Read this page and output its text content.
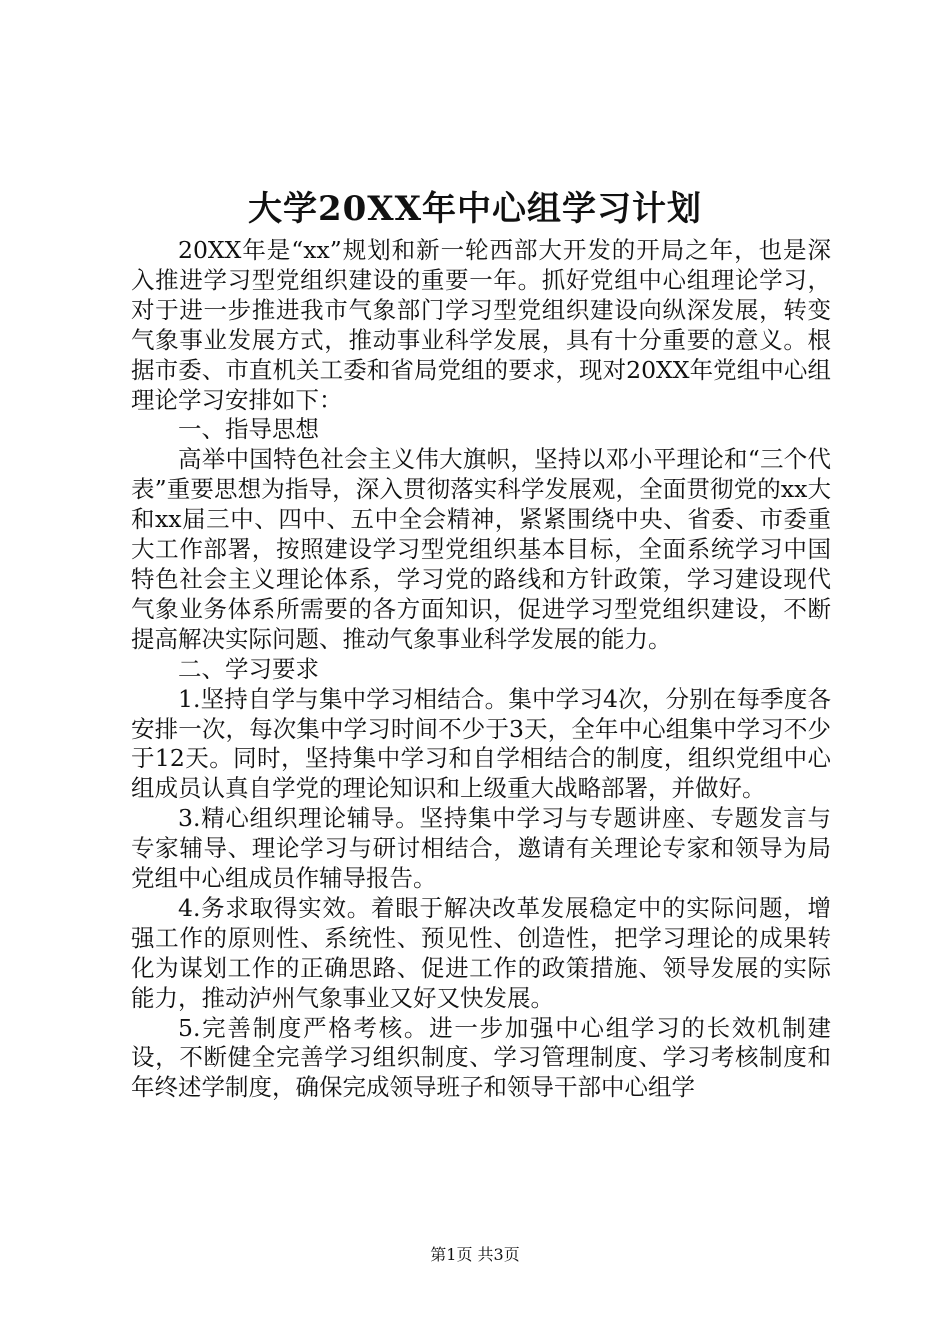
大学20XX年中心组学习计划

20XX年是“xx”规划和新一轮西部大开发的开局之年，也是深入推进学习型党组织建设的重要一年。抓好党组中心组理论学习，对于进一步推进我市气象部门学习型党组织建设向纵深发展，转变气象事业发展方式，推动事业科学发展，具有十分重要的意义。根据市委、市直机关工委和省局党组的要求，现对20XX年党组中心组理论学习安排如下：

一、指导思想

高举中国特色社会主义伟大旗帜，坚持以邓小平理论和“三个代表”重要思想为指导，深入贯彻落实科学发展观，全面贯彻党的xx大和xx届三中、四中、五中全会精神，紧紧围绕中央、省委、市委重大工作部署，按照建设学习型党组织基本目标，全面系统学习中国特色社会主义理论体系，学习党的路线和方针政策，学习建设现代气象业务体系所需要的各方面知识，促进学习型党组织建设，不断提高解决实际问题、推动气象事业科学发展的能力。

二、学习要求

1.坚持自学与集中学习相结合。集中学习4次，分别在每季度各安排一次，每次集中学习时间不少于3天，全年中心组集中学习不少于12天。同时，坚持集中学习和自学相结合的制度，组织党组中心组成员认真自学党的理论知识和上级重大战略部署，并做好。

3.精心组织理论辅导。坚持集中学习与专题讲座、专题发言与专家辅导、理论学习与研讨相结合，邀请有关理论专家和领导为局党组中心组成员作辅导报告。

4.务求取得实效。着眼于解决改革发展稳定中的实际问题，增强工作的原则性、系统性、预见性、创造性，把学习理论的成果转化为谋划工作的正确思路、促进工作的政策措施、领导发展的实际能力，推动泸州气象事业又好又快发展。

5.完善制度严格考核。进一步加强中心组学习的长效机制建设，不断健全完善学习组织制度、学习管理制度、学习考核制度和年终述学制度，确保完成领导班子和领导干部中心组学

第1页 共3页
